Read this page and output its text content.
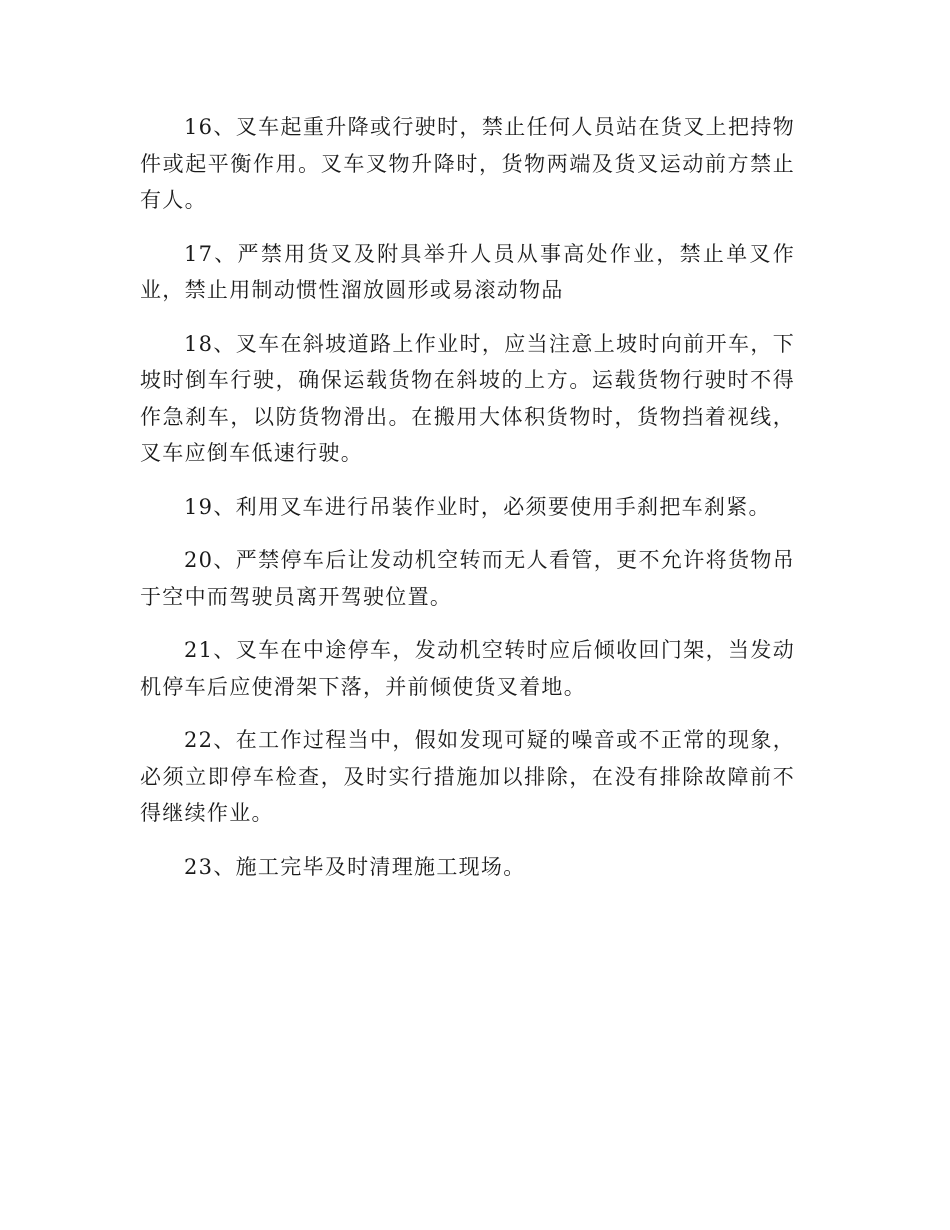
16、叉车起重升降或行驶时，禁止任何人员站在货叉上把持物件或起平衡作用。叉车叉物升降时，货物两端及货叉运动前方禁止有人。

17、严禁用货叉及附具举升人员从事高处作业，禁止单叉作业，禁止用制动惯性溜放圆形或易滚动物品

18、叉车在斜坡道路上作业时，应当注意上坡时向前开车，下坡时倒车行驶，确保运载货物在斜坡的上方。运载货物行驶时不得作急刹车，以防货物滑出。在搬用大体积货物时，货物挡着视线，叉车应倒车低速行驶。

19、利用叉车进行吊装作业时，必须要使用手刹把车刹紧。

20、严禁停车后让发动机空转而无人看管，更不允许将货物吊于空中而驾驶员离开驾驶位置。

21、叉车在中途停车，发动机空转时应后倾收回门架，当发动机停车后应使滑架下落，并前倾使货叉着地。

22、在工作过程当中，假如发现可疑的噪音或不正常的现象，必须立即停车检查，及时实行措施加以排除，在没有排除故障前不得继续作业。

23、施工完毕及时清理施工现场。
